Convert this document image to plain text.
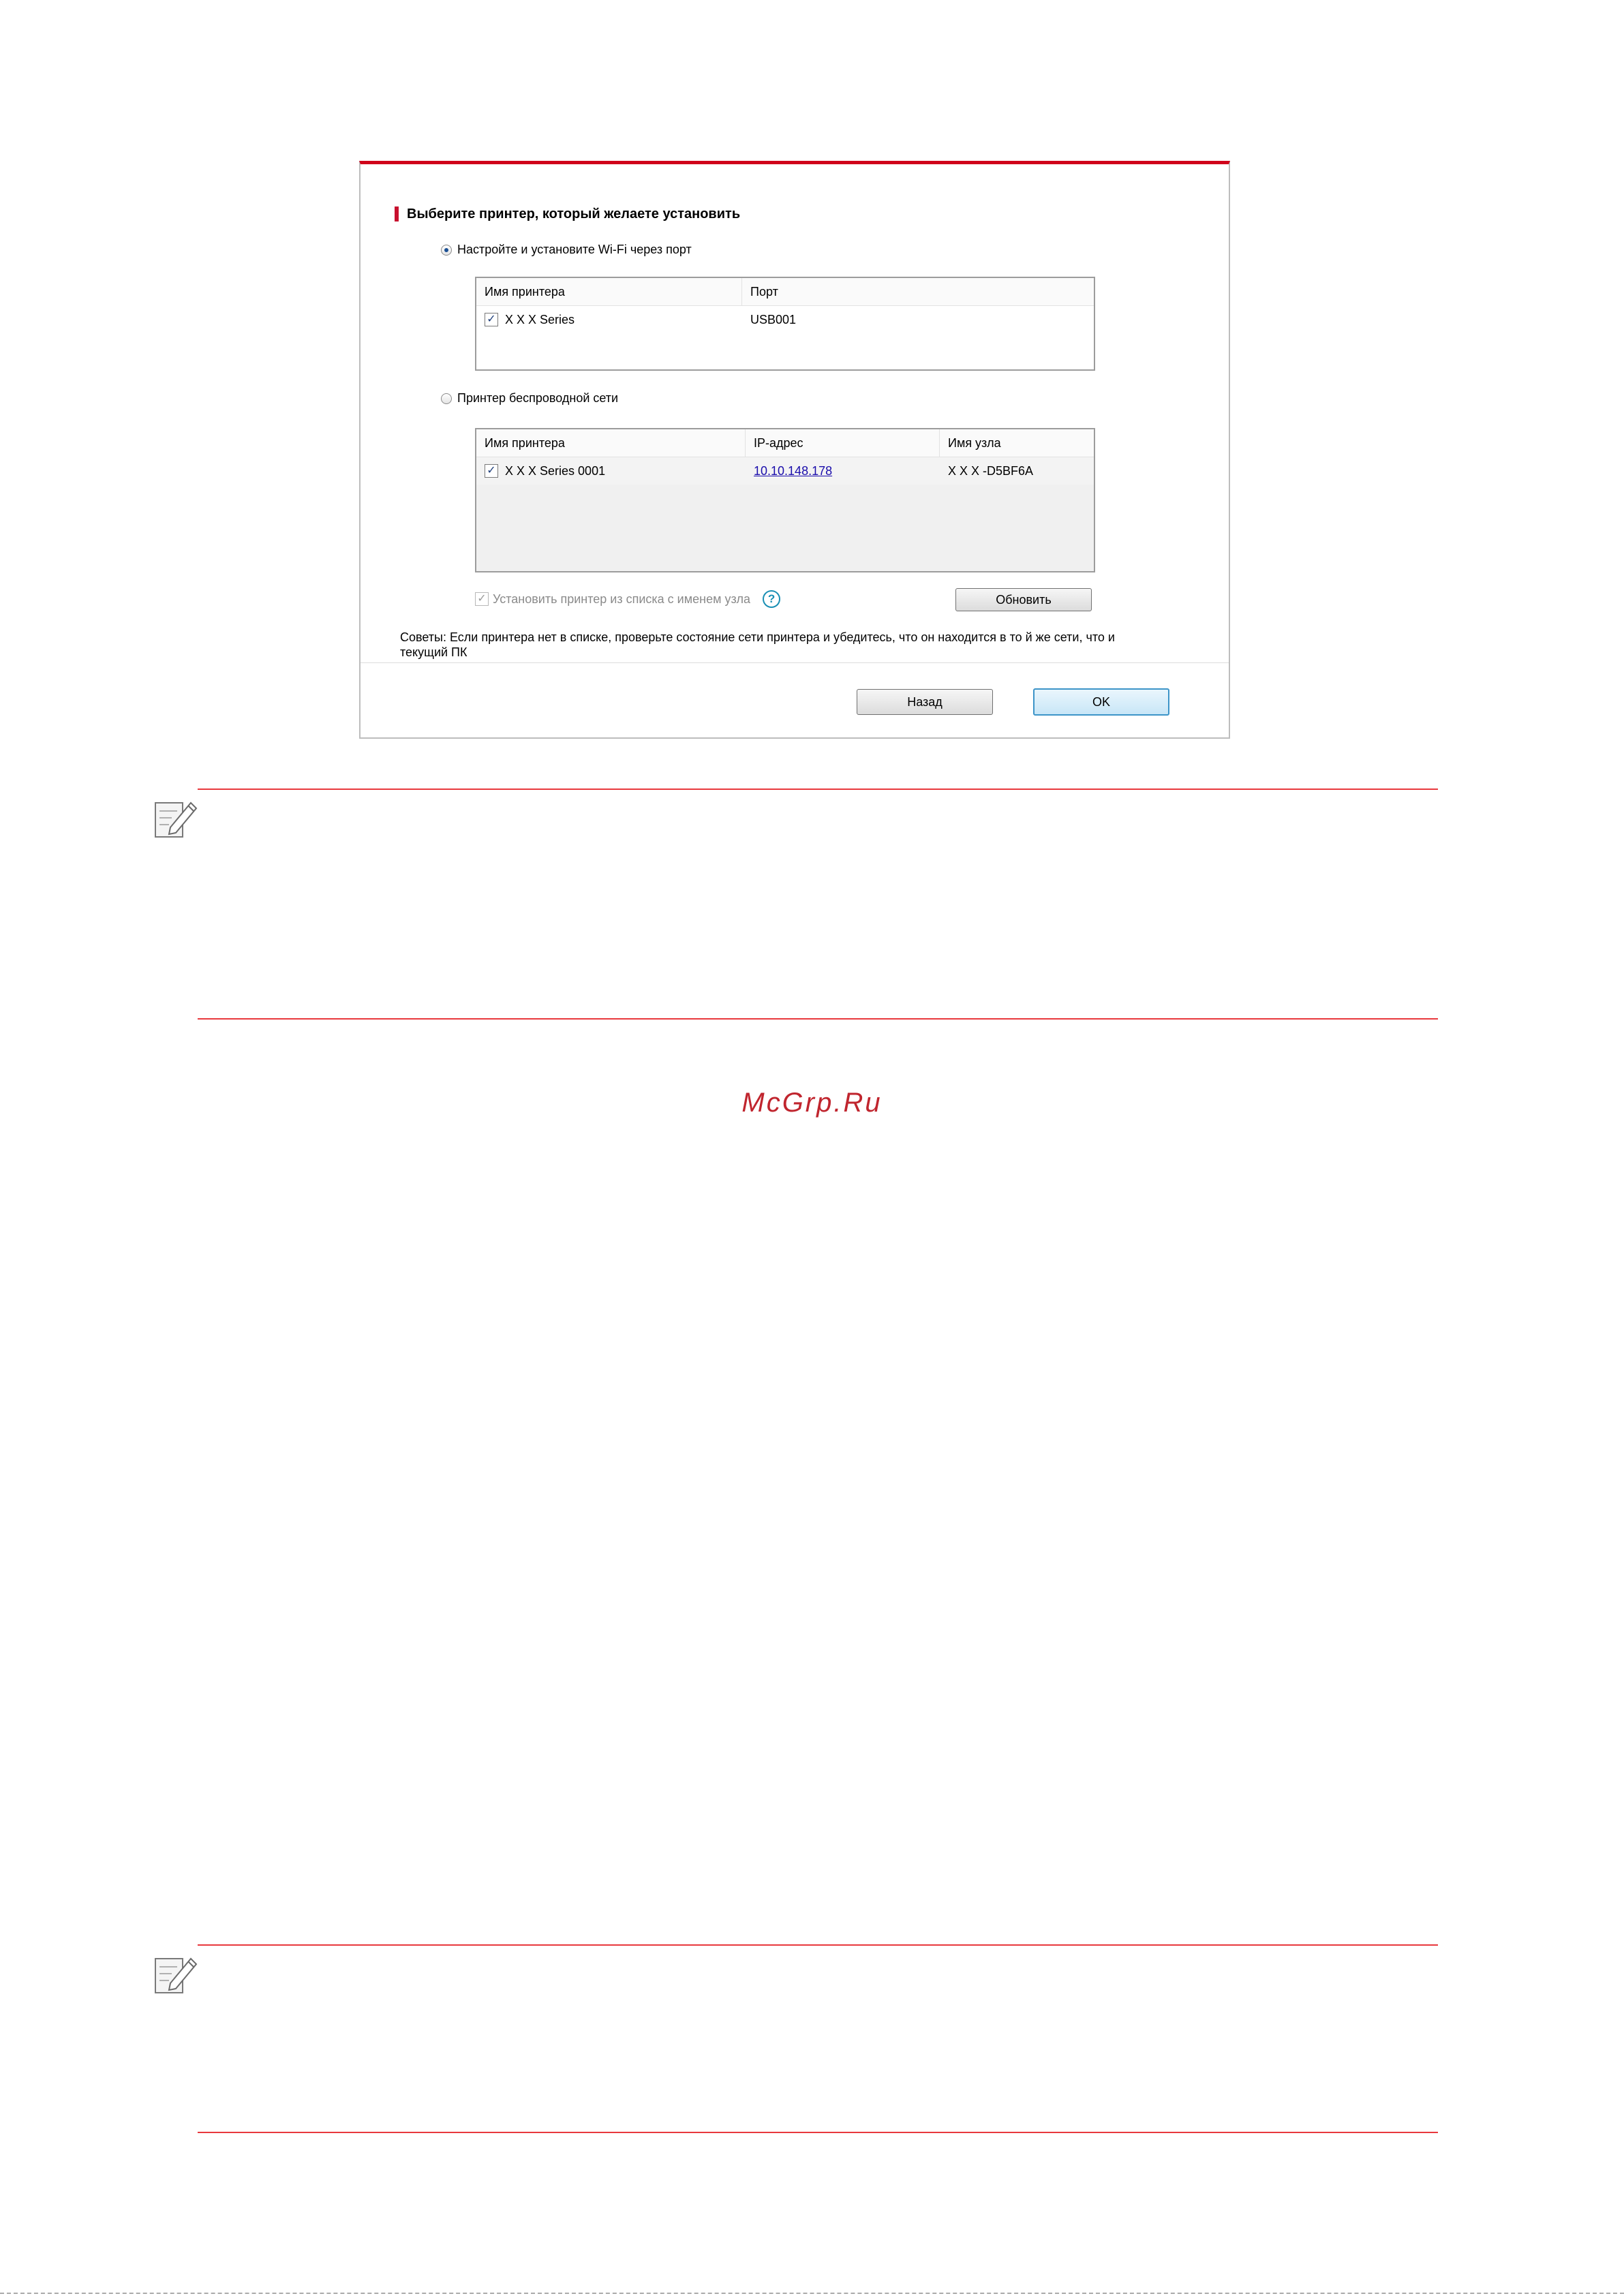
Выберите принтер, который желаете установить
Настройте и установите Wi-Fi через порт
Имя принтера	Порт
✓ X X X Series	USB001
Принтер беспроводной сети
Имя принтера	IP-адрес	Имя узла
✓ X X X Series 0001	10.10.148.178	X X X -D5BF6A
✓ Установить принтер из списка с именем узла	?	Обновить
Советы: Если принтера нет в списке, проверьте состояние сети принтера и убедитесь, что он находится в то й же сети, что и текущий ПК
Назад	OK
McGrp.Ru
